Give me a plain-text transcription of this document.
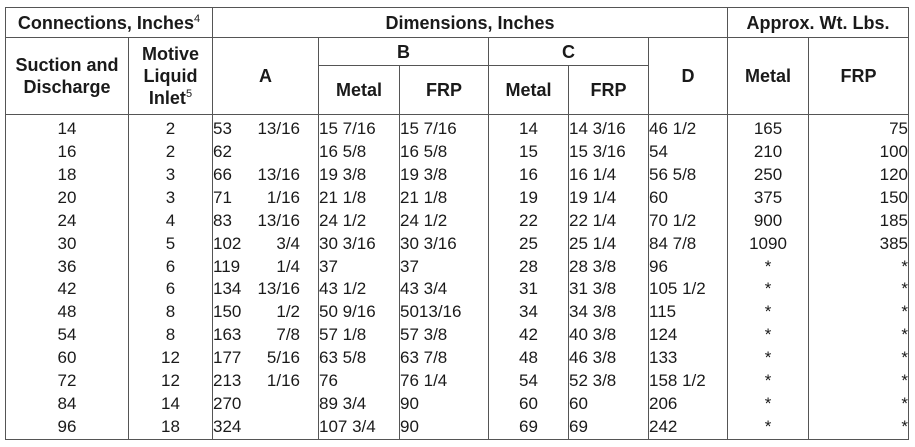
Connections, Inches$^4$		Dimensions, Inches						Approx. Wt. Lbs.	
Suction and Discharge	Motive Liquid Inlet$^5$	A	B		C		D	Metal	FRP
			Metal	FRP	Metal	FRP			
14	2	53 13/16	15 7/16	15 7/16	14	14 3/16	46 1/2	165	75
16	2	62	16 5/8	16 5/8	15	15 3/16	54	210	100
18	3	66 13/16	19 3/8	19 3/8	16	16 1/4	56 5/8	250	120
20	3	71 1/16	21 1/8	21 1/8	19	19 1/4	60	375	150
24	4	83 13/16	24 1/2	24 1/2	22	22 1/4	70 1/2	900	185
30	5	102 3/4	30 3/16	30 3/16	25	25 1/4	84 7/8	1090	385
36	6	119 1/4	37	37	28	28 3/8	96	*	*
42	6	134 13/16	43 1/2	43 3/4	31	31 3/8	105 1/2	*	*
48	8	150 1/2	50 9/16	5013/16	34	34 3/8	115	*	*
54	8	163 7/8	57 1/8	57 3/8	42	40 3/8	124	*	*
60	12	177 5/16	63 5/8	63 7/8	48	46 3/8	133	*	*
72	12	213 1/16	76	76 1/4	54	52 3/8	158 1/2	*	*
84	14	270	89 3/4	90	60	60	206	*	*
96	18	324	107 3/4	90	69	69	242	*	*
